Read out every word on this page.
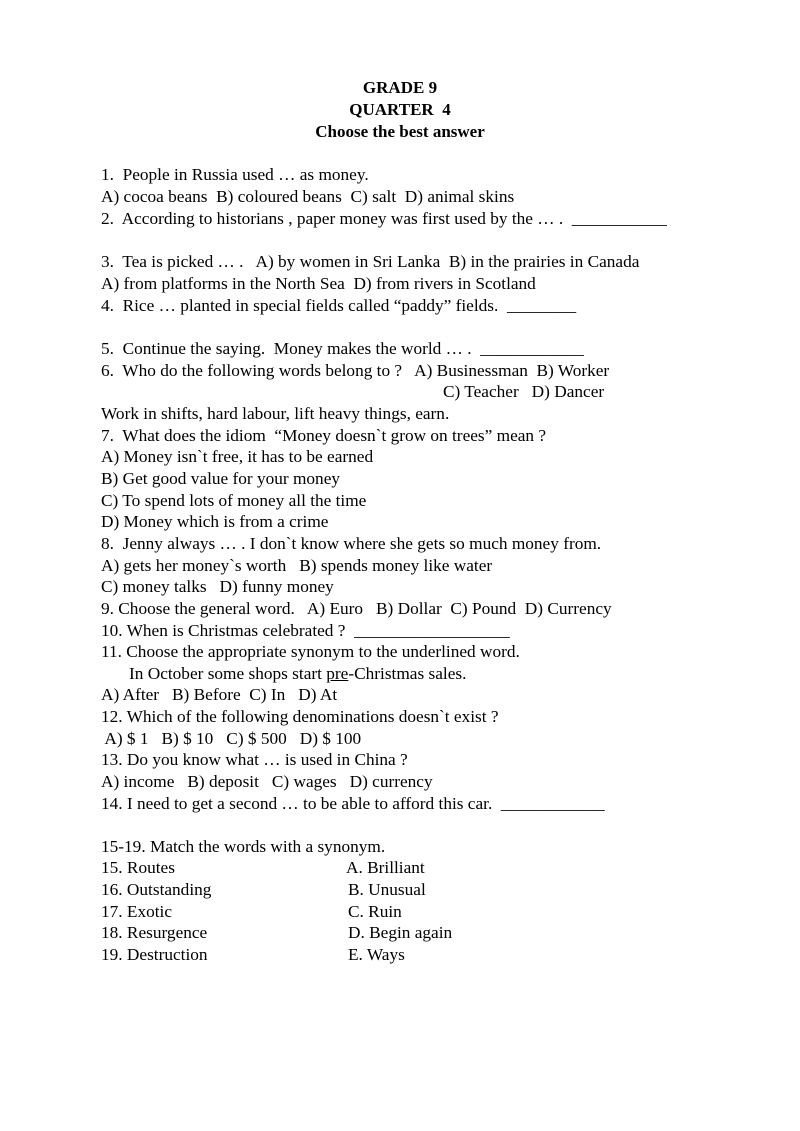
GRADE 9
QUARTER  4
Choose the best answer
1.  People in Russia used … as money.
A) cocoa beans  B) coloured beans  C) salt  D) animal skins
2.  According to historians , paper money was first used by the … .  ___________
3.  Tea is picked … .   A) by women in Sri Lanka  B) in the prairies in Canada
A) from platforms in the North Sea  D) from rivers in Scotland
4.  Rice … planted in special fields called “paddy” fields.  ________
5.  Continue the saying.  Money makes the world … .  ____________
6.  Who do the following words belong to ?   A) Businessman  B) Worker
C) Teacher   D) Dancer
Work in shifts, hard labour, lift heavy things, earn.
7.  What does the idiom  “Money doesn`t grow on trees” mean ?
A) Money isn`t free, it has to be earned
B) Get good value for your money
C) To spend lots of money all the time
D) Money which is from a crime
8.  Jenny always … . I don`t know where she gets so much money from.
A) gets her money`s worth   B) spends money like water
C) money talks   D) funny money
9. Choose the general word.   A) Euro   B) Dollar  C) Pound  D) Currency
10. When is Christmas celebrated ?  __________________
11. Choose the appropriate synonym to the underlined word.
In October some shops start pre-Christmas sales.
A) After   B) Before  C) In   D) At
12. Which of the following denominations doesn`t exist ?
A) $ 1   B) $ 10   C) $ 500   D) $ 100
13. Do you know what … is used in China ?
A) income   B) deposit   C) wages   D) currency
14. I need to get a second … to be able to afford this car.  ____________
15-19. Match the words with a synonym.
15. Routes
16. Outstanding
17. Exotic
18. Resurgence
19. Destruction
A. Brilliant
B. Unusual
C. Ruin
D. Begin again
E. Ways
